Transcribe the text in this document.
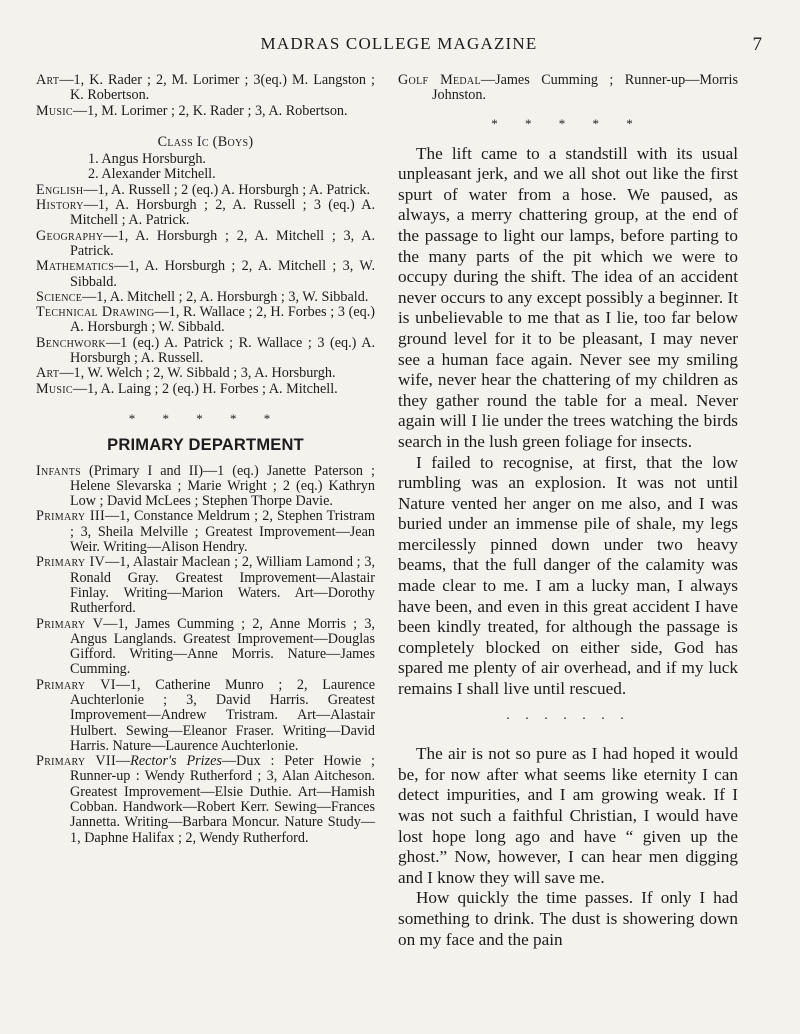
MADRAS COLLEGE MAGAZINE	7
Art—1, K. Rader ; 2, M. Lorimer ; 3(eq.) M. Langston ; K. Robertson.
Music—1, M. Lorimer ; 2, K. Rader ; 3, A. Robertson.
Class Ic (Boys)
1. Angus Horsburgh.
2. Alexander Mitchell.
English—1, A. Russell ; 2 (eq.) A. Horsburgh ; A. Patrick.
History—1, A. Horsburgh ; 2, A. Russell ; 3 (eq.) A. Mitchell ; A. Patrick.
Geography—1, A. Horsburgh ; 2, A. Mitchell ; 3, A. Patrick.
Mathematics—1, A. Horsburgh ; 2, A. Mitchell ; 3, W. Sibbald.
Science—1, A. Mitchell ; 2, A. Horsburgh ; 3, W. Sibbald.
Technical Drawing—1, R. Wallace ; 2, H. Forbes ; 3 (eq.) A. Horsburgh ; W. Sibbald.
Benchwork—1 (eq.) A. Patrick ; R. Wallace ; 3 (eq.) A. Horsburgh ; A. Russell.
Art—1, W. Welch ; 2, W. Sibbald ; 3, A. Horsburgh.
Music—1, A. Laing ; 2 (eq.) H. Forbes ; A. Mitchell.
* * * * *
PRIMARY DEPARTMENT
Infants (Primary I and II)—1 (eq.) Janette Paterson ; Helene Slevarska ; Marie Wright ; 2 (eq.) Kathryn Low ; David McLees ; Stephen Thorpe Davie.
Primary III—1, Constance Meldrum ; 2, Stephen Tristram ; 3, Sheila Melville ; Greatest Improvement—Jean Weir. Writing—Alison Hendry.
Primary IV—1, Alastair Maclean ; 2, William Lamond ; 3, Ronald Gray. Greatest Improvement—Alastair Finlay. Writing—Marion Waters. Art—Dorothy Rutherford.
Primary V—1, James Cumming ; 2, Anne Morris ; 3, Angus Langlands. Greatest Improvement—Douglas Gifford. Writing—Anne Morris. Nature—James Cumming.
Primary VI—1, Catherine Munro ; 2, Laurence Auchterlonie ; 3, David Harris. Greatest Improvement—Andrew Tristram. Art—Alastair Hulbert. Sewing—Eleanor Fraser. Writing—David Harris. Nature—Laurence Auchterlonie.
Primary VII—Rector's Prizes—Dux : Peter Howie ; Runner-up : Wendy Rutherford ; 3, Alan Aitcheson. Greatest Improvement—Elsie Duthie. Art—Hamish Cobban. Handwork—Robert Kerr. Sewing—Frances Jannetta. Writing—Barbara Moncur. Nature Study—1, Daphne Halifax ; 2, Wendy Rutherford.
Golf Medal—James Cumming ; Runner-up—Morris Johnston.
* * * * *

The lift came to a standstill with its usual unpleasant jerk, and we all shot out like the first spurt of water from a hose. We paused, as always, a merry chattering group, at the end of the passage to light our lamps, before parting to the many parts of the pit which we were to occupy during the shift. The idea of an accident never occurs to any except possibly a beginner. It is unbelievable to me that as I lie, too far below ground level for it to be pleasant, I may never see a human face again. Never see my smiling wife, never hear the chattering of my children as they gather round the table for a meal. Never again will I lie under the trees watching the birds search in the lush green foliage for insects.

I failed to recognise, at first, that the low rumbling was an explosion. It was not until Nature vented her anger on me also, and I was buried under an immense pile of shale, my legs mercilessly pinned down under two heavy beams, that the full danger of the calamity was made clear to me. I am a lucky man, I always have been, and even in this great accident I have been kindly treated, for although the passage is completely blocked on either side, God has spared me plenty of air overhead, and if my luck remains I shall live until rescued.

. . . . . . .

The air is not so pure as I had hoped it would be, for now after what seems like eternity I can detect impurities, and I am growing weak. If I was not such a faithful Christian, I would have lost hope long ago and have “ given up the ghost.” Now, however, I can hear men digging and I know they will save me.

How quickly the time passes. If only I had something to drink. The dust is showering down on my face and the pain
